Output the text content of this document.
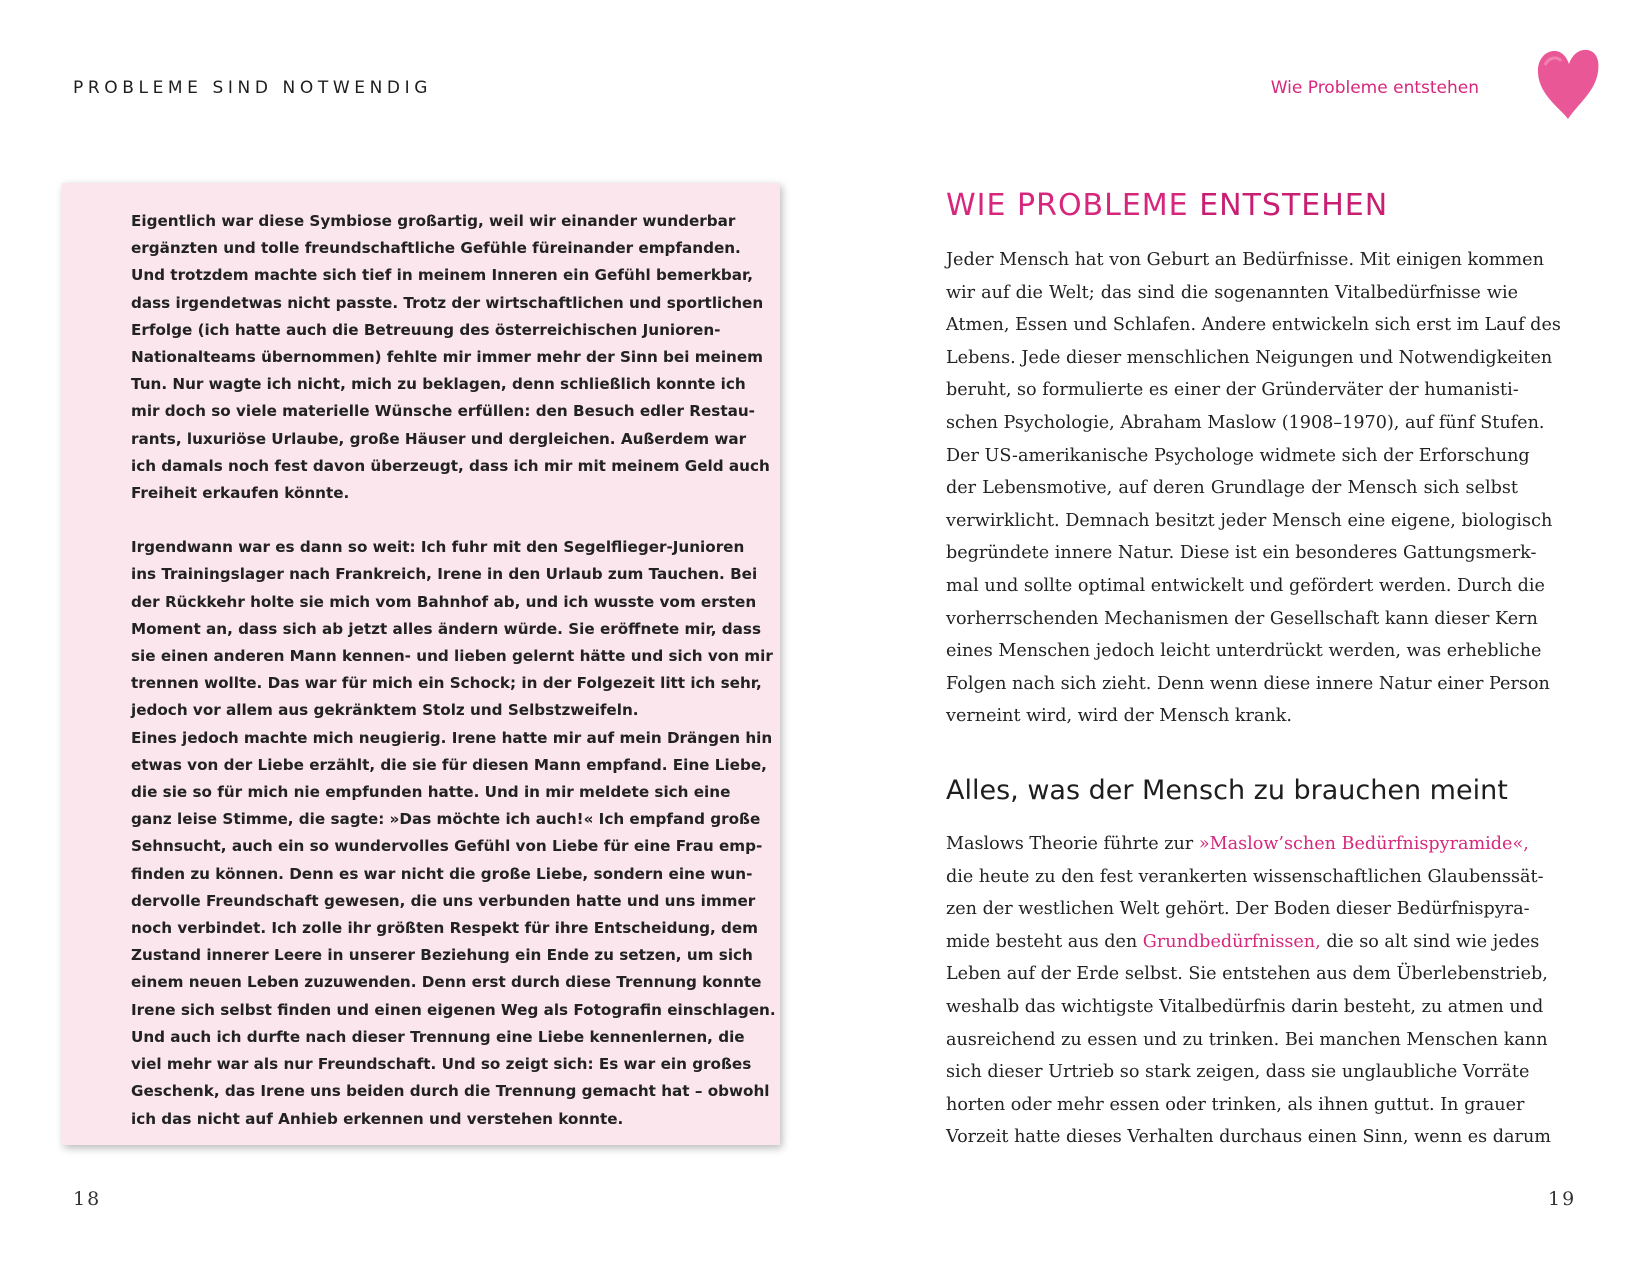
PROBLEME SIND NOTWENDIG

Eigentlich war diese Symbiose großartig, weil wir einander wunderbar
ergänzten und tolle freundschaftliche Gefühle füreinander empfanden.
Und trotzdem machte sich tief in meinem Inneren ein Gefühl bemerkbar,
dass irgendetwas nicht passte. Trotz der wirtschaftlichen und sportlichen
Erfolge (ich hatte auch die Betreuung des österreichischen Junioren-
Nationalteams übernommen) fehlte mir immer mehr der Sinn bei meinem
Tun. Nur wagte ich nicht, mich zu beklagen, denn schließlich konnte ich
mir doch so viele materielle Wünsche erfüllen: den Besuch edler Restau-
rants, luxuriöse Urlaube, große Häuser und dergleichen. Außerdem war
ich damals noch fest davon überzeugt, dass ich mir mit meinem Geld auch
Freiheit erkaufen könnte.

Irgendwann war es dann so weit: Ich fuhr mit den Segelflieger-Junioren
ins Trainingslager nach Frankreich, Irene in den Urlaub zum Tauchen. Bei
der Rückkehr holte sie mich vom Bahnhof ab, und ich wusste vom ersten
Moment an, dass sich ab jetzt alles ändern würde. Sie eröffnete mir, dass
sie einen anderen Mann kennen- und lieben gelernt hätte und sich von mir
trennen wollte. Das war für mich ein Schock; in der Folgezeit litt ich sehr,
jedoch vor allem aus gekränktem Stolz und Selbstzweifeln.

Eines jedoch machte mich neugierig. Irene hatte mir auf mein Drängen hin
etwas von der Liebe erzählt, die sie für diesen Mann empfand. Eine Liebe,
die sie so für mich nie empfunden hatte. Und in mir meldete sich eine
ganz leise Stimme, die sagte: »Das möchte ich auch!« Ich empfand große
Sehnsucht, auch ein so wundervolles Gefühl von Liebe für eine Frau emp-
finden zu können. Denn es war nicht die große Liebe, sondern eine wun-
dervolle Freundschaft gewesen, die uns verbunden hatte und uns immer
noch verbindet. Ich zolle ihr größten Respekt für ihre Entscheidung, dem
Zustand innerer Leere in unserer Beziehung ein Ende zu setzen, um sich
einem neuen Leben zuzuwenden. Denn erst durch diese Trennung konnte
Irene sich selbst finden und einen eigenen Weg als Fotografin einschlagen.
Und auch ich durfte nach dieser Trennung eine Liebe kennenlernen, die
viel mehr war als nur Freundschaft. Und so zeigt sich: Es war ein großes
Geschenk, das Irene uns beiden durch die Trennung gemacht hat – obwohl
ich das nicht auf Anhieb erkennen und verstehen konnte.

18
Wie Probleme entstehen
WIE PROBLEME ENTSTEHEN
Jeder Mensch hat von Geburt an Bedürfnisse. Mit einigen kommen
wir auf die Welt; das sind die sogenannten Vitalbedürfnisse wie
Atmen, Essen und Schlafen. Andere entwickeln sich erst im Lauf des
Lebens. Jede dieser menschlichen Neigungen und Notwendigkeiten
beruht, so formulierte es einer der Gründerväter der humanisti-
schen Psychologie, Abraham Maslow (1908–1970), auf fünf Stufen.
Der US-amerikanische Psychologe widmete sich der Erforschung
der Lebensmotive, auf deren Grundlage der Mensch sich selbst
verwirklicht. Demnach besitzt jeder Mensch eine eigene, biologisch
begründete innere Natur. Diese ist ein besonderes Gattungsmerk-
mal und sollte optimal entwickelt und gefördert werden. Durch die
vorherrschenden Mechanismen der Gesellschaft kann dieser Kern
eines Menschen jedoch leicht unterdrückt werden, was erhebliche
Folgen nach sich zieht. Denn wenn diese innere Natur einer Person
verneint wird, wird der Mensch krank.
Alles, was der Mensch zu brauchen meint
Maslows Theorie führte zur »Maslow’schen Bedürfnispyramide«,
die heute zu den fest verankerten wissenschaftlichen Glaubenssät-
zen der westlichen Welt gehört. Der Boden dieser Bedürfnispyra-
mide besteht aus den Grundbedürfnissen, die so alt sind wie jedes
Leben auf der Erde selbst. Sie entstehen aus dem Überlebenstrieb,
weshalb das wichtigste Vitalbedürfnis darin besteht, zu atmen und
ausreichend zu essen und zu trinken. Bei manchen Menschen kann
sich dieser Urtrieb so stark zeigen, dass sie unglaubliche Vorräte
horten oder mehr essen oder trinken, als ihnen guttut. In grauer
Vorzeit hatte dieses Verhalten durchaus einen Sinn, wenn es darum
19
